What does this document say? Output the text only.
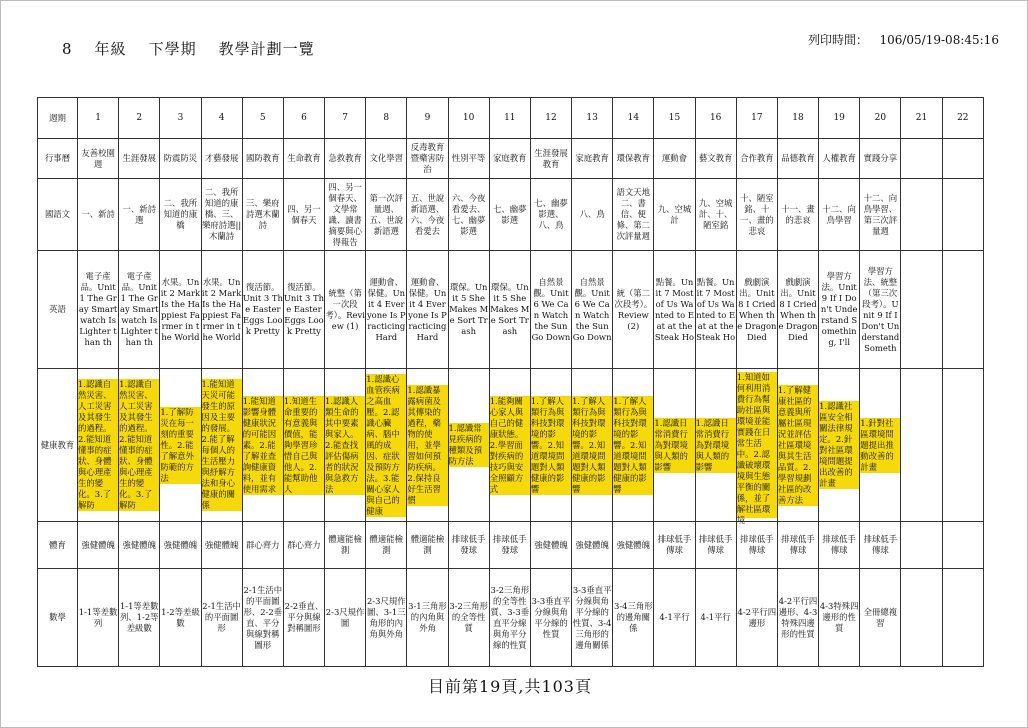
8 年級 下學期 教學計劃一覽	列印時間： 106/05/19-08:45:16
週期	1	2	3	4	5	6	7	8	9	10	11	12	13	14	15	16	17	18	19	20	21	22
行事曆	友善校園週	生涯發展	防震防災	才藝發展	國防教育	生命教育	急救教育	文化學習	反毒教育暨藥害防治	性別平等	家庭教育	生涯發展教育	家庭教育	環保教育	運動會	藝文教育	合作教育	品德教育	人權教育	實踐分享		

國語文	一、新詩	一、新詩選	二、我所知道的康橋	二、我所知道的康橋、三、樂府詩選||木蘭詩	三、樂府詩選木蘭詩	四、另一個春天	四、另一個春天、文學常識、讀書摘要與心得報告	第一次評量週、五、世說新語選	五、世說新語選、六、今夜看愛去	六、今夜看愛去、七、幽夢影選	七、幽夢影選	七、幽夢影選、八、鳥	八、鳥	語文天地二、書信、便條、第二次評量週	九、空城計	九、空城計、十、陋室銘	十、陋室銘、十一、畫的悲哀	十一、畫的悲哀	十二、向鳥學習	十二、向鳥學習、第三次評量週		

英語	電子產品。Unit 1 The Gray Smartwatch Is Lighter than th	電子產品。Unit 1 The Gray Smartwatch Is Lighter than th	水果。Unit 2 Mark Is the Happiest Farmer in the World	水果。Unit 2 Mark Is the Happiest Farmer in the World	復活節。Unit 3 The Easter Eggs Look Pretty	復活節。Unit 3 The Easter Eggs Look Pretty	統整（第一次段考）。Review (1)	運動會、保健。Unit 4 Everyone Is Practicing Hard	運動會、保健。Unit 4 Everyone Is Practicing Hard	環保。Unit 5 She Makes Me Sort Trash	環保。Unit 5 She Makes Me Sort Trash	自然景觀。Unit 6 We Can Watch the Sun Go Down	自然景觀。Unit 6 We Can Watch the Sun Go Down	統（第二次段考）。Review (2)	點餐。Unit 7 Most of Us Wanted to Eat at the Steak Ho	點餐。Unit 7 Most of Us Wanted to Eat at the Steak Ho	戲劇演出。Unit 8 I Cried When the Dragon Died	戲劇演出。Unit 8 I Cried When the Dragon Died	學習方法。Unit 9 If I Don't Understand Something, I'll	學習方法、統整（第三次段考）。Unit 9 If I Don't Understand Someth		

健康教育	1.認識自然災害、人工災害及其發生的過程。2.能知道懂事的症狀、身體與心理產生的變化。3.了解防	1.認識自然災害、人工災害及其發生的過程。2.能知道懂事的症狀、身體與心理產生的變化。3.了解防	1.了解防災在每一刻的重要性。2.能了解意外防範的方法	1.能知道天災可能發生的原因及主要的發展。2.能了解每個人的生活壓力與紓解方法和身心健康的關係	1.能知道影響身體健康狀況的可能因素。2.能了解並查詢健康資料，並有使用需求	1.知道生命重要的有意義與價值，能夠學習珍惜自己與他人。2.能幫助他人	1.認識人類生命的其中要素與家人。2.能查找評估傷病者的狀況與急救方法	1.認識心血管疾病之高血壓。2.認識心臟病、腦中風的成因、症狀及預防方法。3.能關心家人與自己的健康	1.認識暴露病菌及其傳染的過程，藥物的使用，並學習如何預防疾病。2.保持良好生活習慣	1.認識常見疾病的種類及預防方法	1.能夠關心家人與自己的健康狀態。2.學習面對疾病的技巧與安全照顧方式	1.了解人類行為與科技對環境的影響。2.知道環境問題對人類健康的影響	1.了解人類行為與科技對環境的影響。2.知道環境問題對人類健康的影響	1.了解人類行為與科技對環境的影響。2.知道環境問題對人類健康的影響	1.認識日常消費行為對環境與人類的影響	1.認識日常消費行為對環境與人類的影響	1.知道如何利用消費行為幫助社區與環境並能實踐在日常生活中。2.認識破壞環境與生態平衡的關係，並了解社區環境	1.了解健康社區的意義與所屬社區現況並評估社區環境與其生活品質。2.學習規劃社區的改善方法	1.認識社區安全相關法律規定。2.針對社區環境問題提出改善的計畫	1.針對社區環境問題提出推動改善的計畫		

體育	強健體魄	強健體魄	強健體魄	強健體魄	群心齊力	群心齊力	體適能檢測	體適能檢測	體適能檢測	排球低手發球	排球低手發球	強健體魄	強健體魄	強健體魄	排球低手傳球	排球低手傳球	排球低手傳球	排球低手傳球	排球低手傳球	排球低手傳球		

數學	1-1等差數列	1-1等差數列、1-2等差級數	1-2等差級數	2-1生活中的平面圖形	2-1生活中的平面圖形、2-2垂直、平分與線對稱圖形	2-2垂直、平分與線對稱圖形	2-3尺規作圖	2-3尺規作圖、3-1三角形的內角與外角	3-1三角形的內角與外角	3-2三角形的全等性質	3-2三角形的全等性質、3-3垂直平分線與角平分線的性質	3-3垂直平分線與角平分線的性質	3-3垂直平分線與角平分線的性質、3-4三角形的邊角關係	3-4三角形的邊角關係	4-1平行	4-1平行	4-2平行四邊形	4-2平行四邊形、4-3特殊四邊形的性質	4-3特殊四邊形的性質	全冊總複習		

目前第19頁,共103頁
